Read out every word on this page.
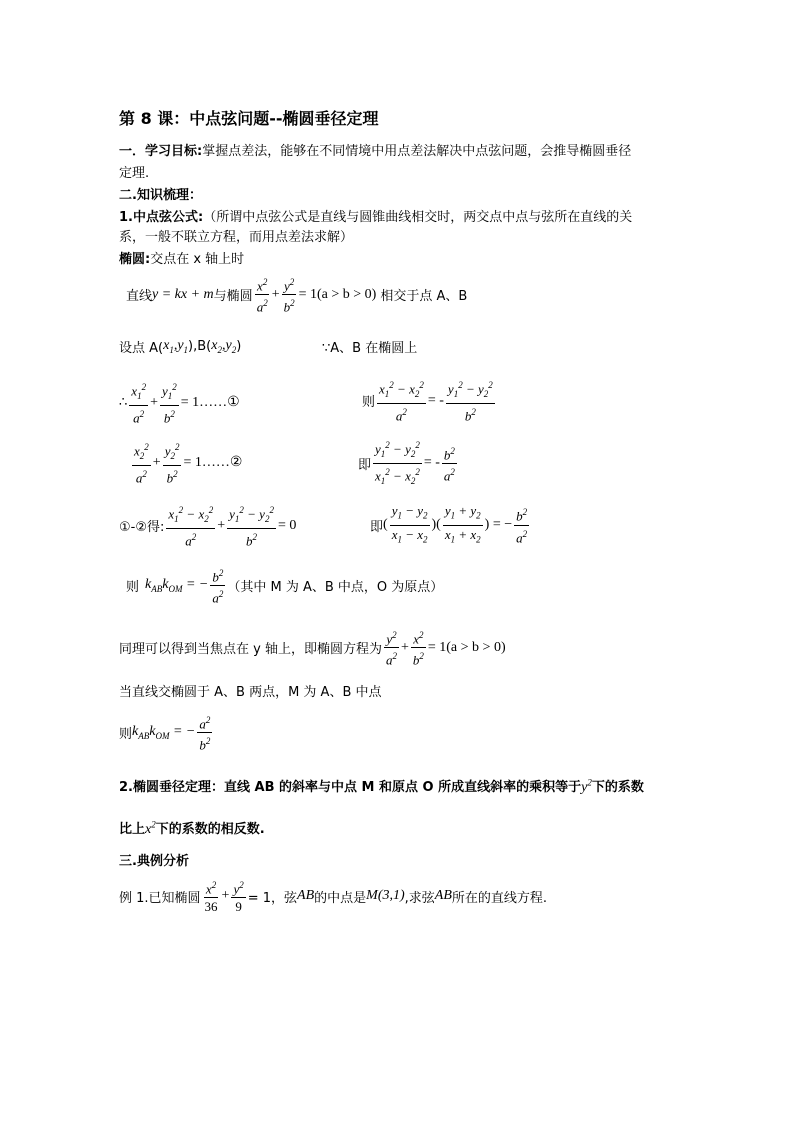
第 8 课：中点弦问题--椭圆垂径定理
一．学习目标:掌握点差法，能够在不同情境中用点差法解决中点弦问题，会推导椭圆垂径
定理.
二.知识梳理：
1.中点弦公式:（所谓中点弦公式是直线与圆锥曲线相交时，两交点中点与弦所在直线的关
系，一般不联立方程，而用点差法求解）
椭圆:交点在 x 轴上时
直线 y = kx + m 与椭圆 $\frac{x^2}{a^2} + \frac{y^2}{b^2} = 1(a > b > 0)$ 相交于点 A、B
设点 A( $x_1,y_1$ ),B( $x_2,y_2$ )	∵A、B 在椭圆上
∴ $\frac{x_1^2}{a^2} + \frac{y_1^2}{b^2}$ = 1……①	则 $\frac{x_1^2 - x_2^2}{a^2}$ = - $\frac{y_1^2 - y_2^2}{b^2}$
$\frac{x_2^2}{a^2} + \frac{y_2^2}{b^2}$ = 1……②	即 $\frac{y_1^2 - y_2^2}{x_1^2 - x_2^2}$ = - $\frac{b^2}{a^2}$
①-②得: $\frac{x_1^2 - x_2^2}{a^2} + \frac{y_1^2 - y_2^2}{b^2} = 0$	即 ( $\frac{y_1 - y_2}{x_1 - x_2}$ )( $\frac{y_1 + y_2}{x_1 + x_2}$ ) = − $\frac{b^2}{a^2}$
则 $k_{AB}k_{OM}$ = − $\frac{b^2}{a^2}$ （其中 M 为 A、B 中点，O 为原点）
同理可以得到当焦点在 y 轴上，即椭圆方程为 $\frac{y^2}{a^2} + \frac{x^2}{b^2} = 1(a > b > 0)$
当直线交椭圆于 A、B 两点，M 为 A、B 中点
则 $k_{AB}k_{OM}$ = − $\frac{a^2}{b^2}$
2.椭圆垂径定理：直线 AB 的斜率与中点 M 和原点 O 所成直线斜率的乘积等于$y^2$下的系数
比上$x^2$下的系数的相反数.
三.典例分析
例 1.已知椭圆 $\frac{x^2}{36} + \frac{y^2}{9} = 1$，弦 AB 的中点是 M(3,1) ,求弦 AB 所在的直线方程.
